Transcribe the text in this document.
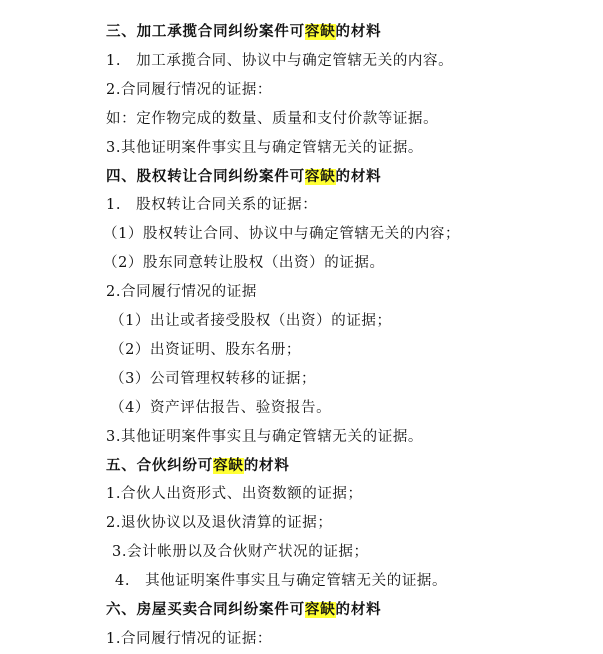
三、加工承揽合同纠纷案件可容缺的材料
1.　加工承揽合同、协议中与确定管辖无关的内容。
2.合同履行情况的证据：
如：定作物完成的数量、质量和支付价款等证据。
3.其他证明案件事实且与确定管辖无关的证据。
四、股权转让合同纠纷案件可容缺的材料
1.　股权转让合同关系的证据：
（1）股权转让合同、协议中与确定管辖无关的内容；
（2）股东同意转让股权（出资）的证据。
2.合同履行情况的证据
（1）出让或者接受股权（出资）的证据；
（2）出资证明、股东名册；
（3）公司管理权转移的证据；
（4）资产评估报告、验资报告。
3.其他证明案件事实且与确定管辖无关的证据。
五、合伙纠纷可容缺的材料
1.合伙人出资形式、出资数额的证据；
2.退伙协议以及退伙清算的证据；
3.会计帐册以及合伙财产状况的证据；
4.　其他证明案件事实且与确定管辖无关的证据。
六、房屋买卖合同纠纷案件可容缺的材料
1.合同履行情况的证据：
